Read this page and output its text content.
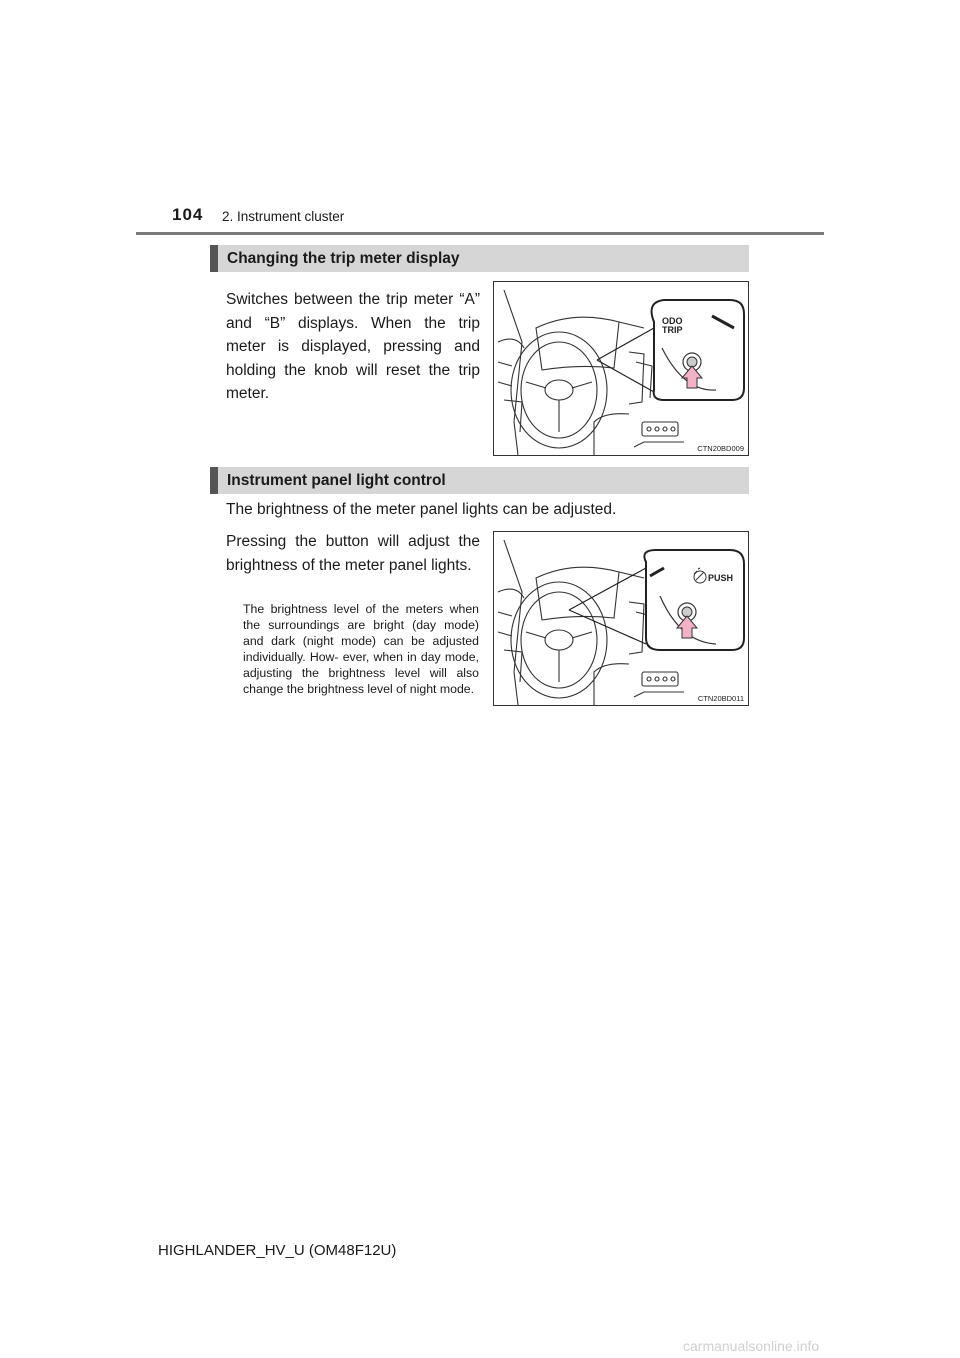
104 2. Instrument cluster
Changing the trip meter display

Switches between the trip meter “A” and “B” displays. When the trip meter is displayed, pressing and holding the knob will reset the trip meter.

ODO
TRIP
CTN20BD009
Instrument panel light control

The brightness of the meter panel lights can be adjusted.

Pressing the button will adjust the brightness of the meter panel lights.

The brightness level of the meters when the surroundings are bright (day mode) and dark (night mode) can be adjusted individually. How- ever, when in day mode, adjusting the brightness level will also change the brightness level of night mode.

PUSH
CTN20BD011
HIGHLANDER_HV_U (OM48F12U)
carmanualsonline.info
